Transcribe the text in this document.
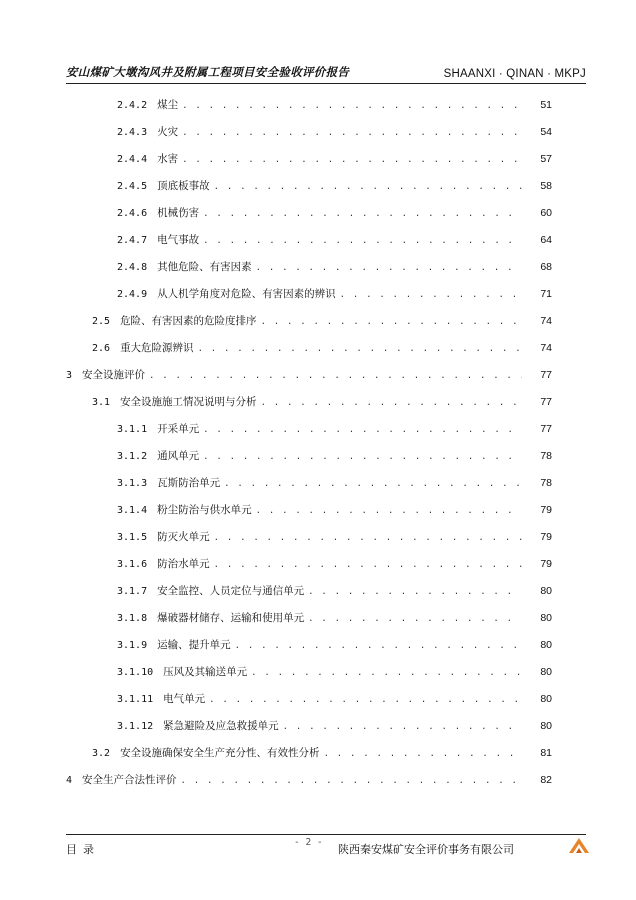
安山煤矿大墩沟风井及附属工程项目安全验收评价报告	SHAANXI · QINAN · MKPJ
2.4.2 煤尘 . . .	51
2.4.3 火灾 . . .	54
2.4.4 水害 . . .	57
2.4.5 顶底板事故 . . .	58
2.4.6 机械伤害 . . .	60
2.4.7 电气事故 . . .	64
2.4.8 其他危险、有害因素 . . .	68
2.4.9 从人机学角度对危险、有害因素的辨识 . . .	71
2.5 危险、有害因素的危险度排序 . . .	74
2.6 重大危险源辨识 . . .	74
3 安全设施评价 . . .	77
3.1 安全设施施工情况说明与分析 . . .	77
3.1.1 开采单元 . . .	77
3.1.2 通风单元 . . .	78
3.1.3 瓦斯防治单元 . . .	78
3.1.4 粉尘防治与供水单元 . . .	79
3.1.5 防灭火单元 . . .	79
3.1.6 防治水单元 . . .	79
3.1.7 安全监控、人员定位与通信单元 . . .	80
3.1.8 爆破器材储存、运输和使用单元 . . .	80
3.1.9 运输、提升单元 . . .	80
3.1.10 压风及其输送单元 . . .	80
3.1.11 电气单元 . . .	80
3.1.12 紧急避险及应急救援单元 . . .	80
3.2 安全设施确保安全生产充分性、有效性分析 . . .	81
4 安全生产合法性评价 . . .	82
目录
- 2 -
陕西秦安煤矿安全评价事务有限公司
